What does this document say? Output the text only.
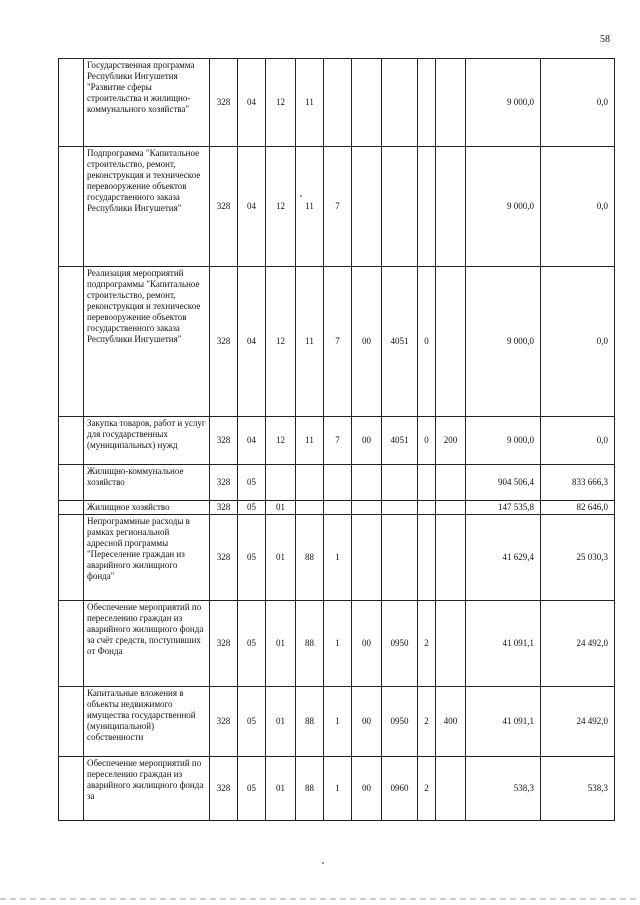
58
	Государственная программа Республики Ингушетия "Развитие сферы строительства и жилищно-коммунального хозяйства"	328	04	12	11						9 000,0	0,0
	Подпрограмма "Капитальное строительство, ремонт, реконструкция и техническое перевооружение объектов государственного заказа Республики Ингушетия"	328	04	12	11	7					9 000,0	0,0
	Реализация мероприятий подпрограммы "Капитальное строительство, ремонт, реконструкция и техническое перевооружение объектов государственного заказа Республики Ингушетия"	328	04	12	11	7	00	4051	0		9 000,0	0,0
	Закупка товаров, работ и услуг для государственных (муниципальных) нужд	328	04	12	11	7	00	4051	0	200	9 000,0	0,0
	Жилищно-коммунальное хозяйство	328	05								904 506,4	833 666,3
	Жилищное хозяйство	328	05	01							147 535,8	82 646,0
	Непрограммные расходы в рамках региональной адресной программы "Переселение граждан из аварийного жилищного фонда"	328	05	01	88	1					41 629,4	25 030,3
	Обеспечение мероприятий по переселению граждан из аварийного жилищного фонда за счёт средств, поступивших от Фонда	328	05	01	88	1	00	0950	2		41 091,1	24 492,0
	Капитальные вложения в объекты недвижимого имущества государственной (муниципальной) собственности	328	05	01	88	1	00	0950	2	400	41 091,1	24 492,0
	Обеспечение мероприятий по переселению граждан из аварийного жилищного фонда за	328	05	01	88	1	00	0960	2		538,3	538,3
